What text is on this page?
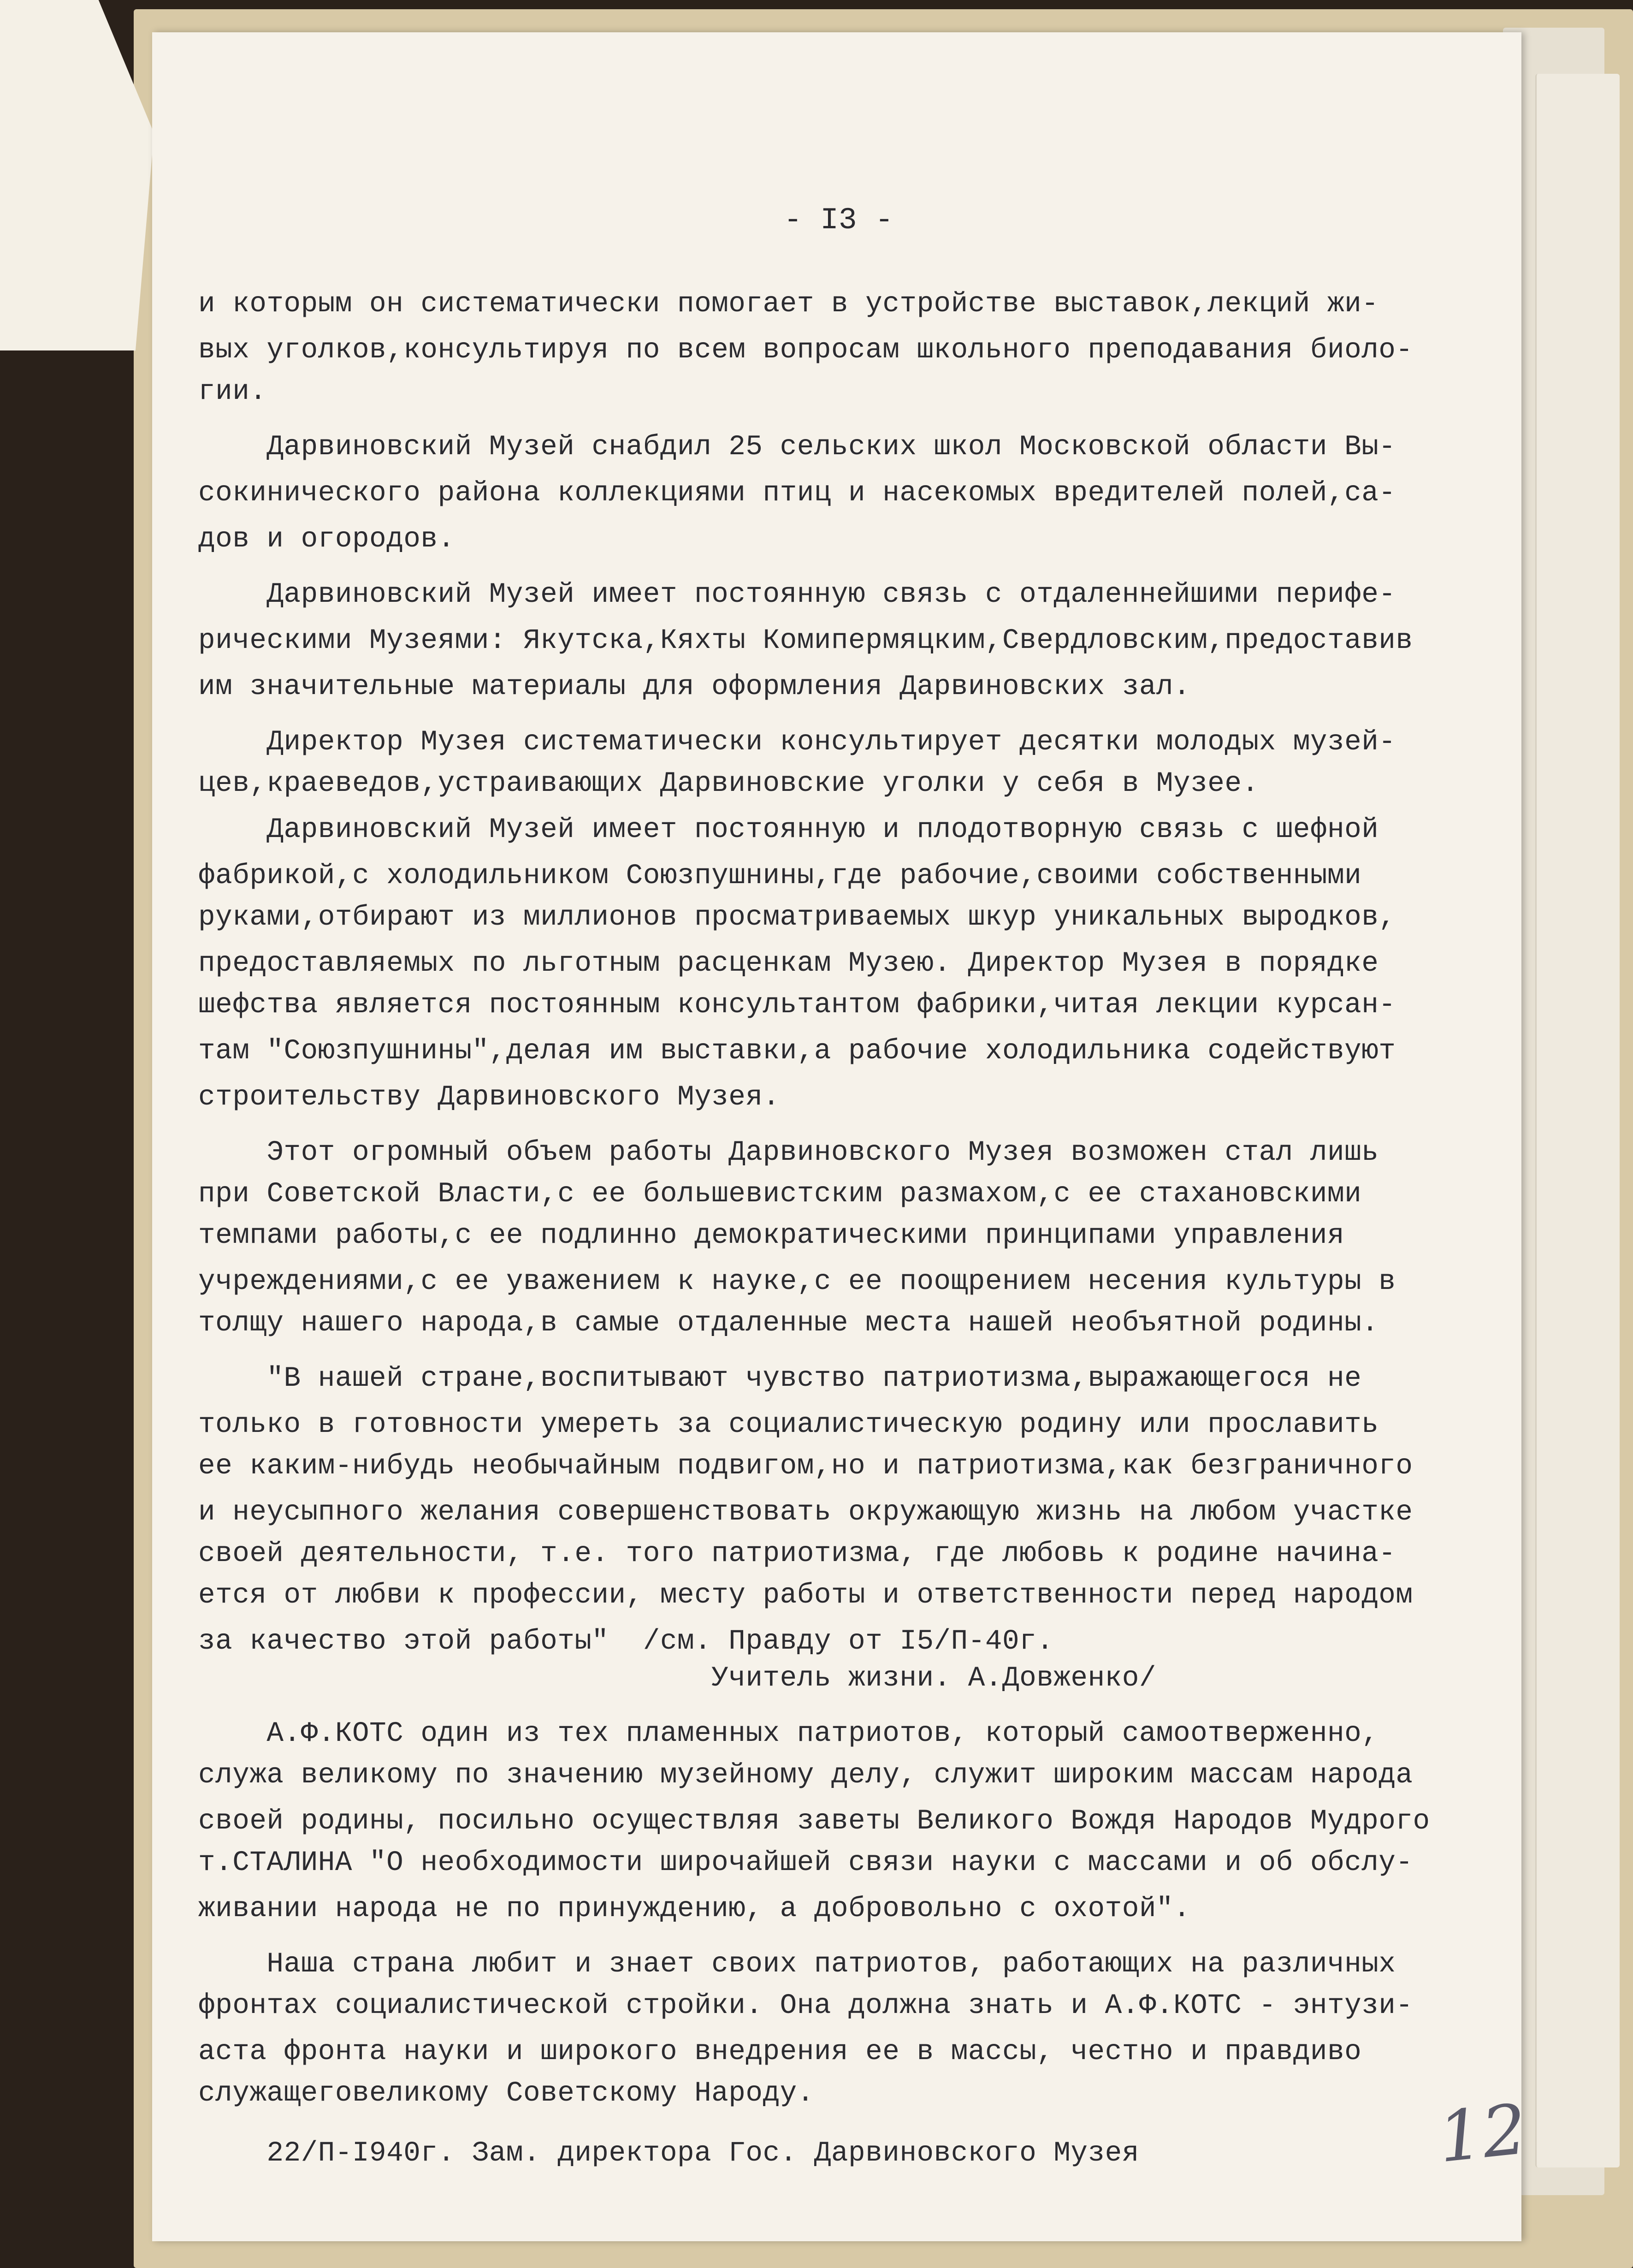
- I3 -

и которым он систематически помогает в устройстве выставок,лекций жи-

вых уголков,консультируя по всем вопросам школьного преподавания биоло-

гии.

Дарвиновский Музей снабдил 25 сельских школ Московской области Вы-

сокинического района коллекциями птиц и насекомых вредителей полей,са-

дов и огородов.

Дарвиновский Музей имеет постоянную связь с отдаленнейшими перифе-

рическими Музеями: Якутска,Кяхты Комипермяцким,Свердловским,предоставив

им значительные материалы для оформления Дарвиновских зал.

Директор Музея систематически консультирует десятки молодых музей-

цев,краеведов,устраивающих Дарвиновские уголки у себя в Музее.

Дарвиновский Музей имеет постоянную и плодотворную связь с шефной

фабрикой,с холодильником Союзпушнины,где рабочие,своими собственными

руками,отбирают из миллионов просматриваемых шкур уникальных выродков,

предоставляемых по льготным расценкам Музею. Директор Музея в порядке

шефства является постоянным консультантом фабрики,читая лекции курсан-

там "Союзпушнины",делая им выставки,а рабочие холодильника содействуют

строительству Дарвиновского Музея.

Этот огромный объем работы Дарвиновского Музея возможен стал лишь

при Советской Власти,с ее большевистским размахом,с ее стахановскими

темпами работы,с ее подлинно демократическими принципами управления

учреждениями,с ее уважением к науке,с ее поощрением несения культуры в

толщу нашего народа,в самые отдаленные места нашей необъятной родины.

"В нашей стране,воспитывают чувство патриотизма,выражающегося не

только в готовности умереть за социалистическую родину или прославить

ее каким-нибудь необычайным подвигом,но и патриотизма,как безграничного

и неусыпного желания совершенствовать окружающую жизнь на любом участке

своей деятельности, т.е. того патриотизма, где любовь к родине начина-

ется от любви к профессии, месту работы и ответственности перед народом

за качество этой работы"  /см. Правду от I5/П-40г.

Учитель жизни. А.Довженко/

А.Ф.КОТС один из тех пламенных патриотов, который самоотверженно,

служа великому по значению музейному делу, служит широким массам народа

своей родины, посильно осуществляя заветы Великого Вождя Народов Мудрого

т.СТАЛИНА "О необходимости широчайшей связи науки с массами и об обслу-

живании народа не по принуждению, а добровольно с охотой".

Наша страна любит и знает своих патриотов, работающих на различных

фронтах социалистической стройки. Она должна знать и А.Ф.КОТС - энтузи-

аста фронта науки и широкого внедрения ее в массы, честно и правдиво

служащеговеликому Советскому Народу.

22/П-I940г. Зам. директора Гос. Дарвиновского Музея	12
